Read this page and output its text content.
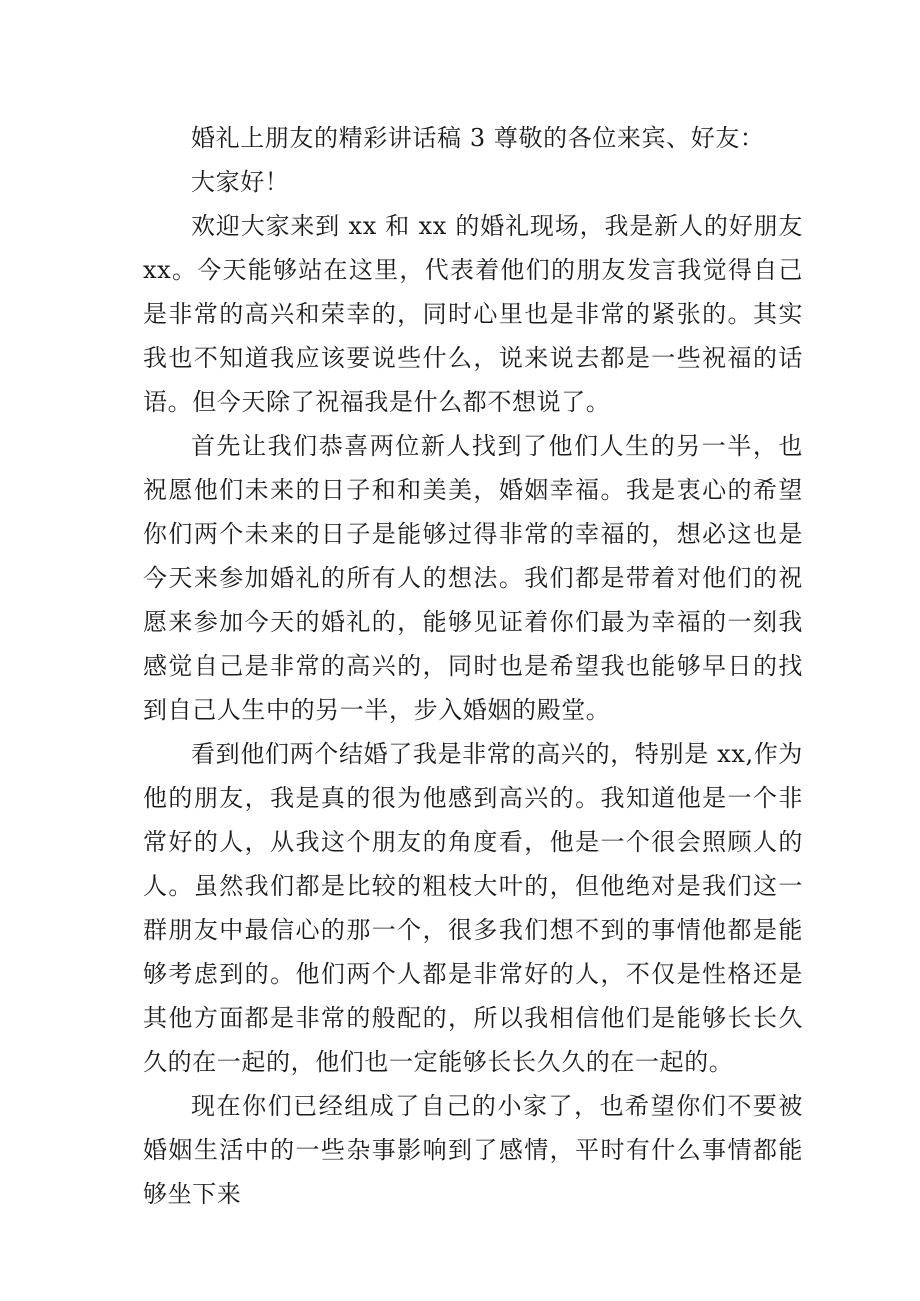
婚礼上朋友的精彩讲话稿 3 尊敬的各位来宾、好友：

大家好！

欢迎大家来到 xx 和 xx 的婚礼现场，我是新人的好朋友 xx。今天能够站在这里，代表着他们的朋友发言我觉得自己是非常的高兴和荣幸的，同时心里也是非常的紧张的。其实我也不知道我应该要说些什么，说来说去都是一些祝福的话语。但今天除了祝福我是什么都不想说了。

首先让我们恭喜两位新人找到了他们人生的另一半，也祝愿他们未来的日子和和美美，婚姻幸福。我是衷心的希望你们两个未来的日子是能够过得非常的幸福的，想必这也是今天来参加婚礼的所有人的想法。我们都是带着对他们的祝愿来参加今天的婚礼的，能够见证着你们最为幸福的一刻我感觉自己是非常的高兴的，同时也是希望我也能够早日的找到自己人生中的另一半，步入婚姻的殿堂。

看到他们两个结婚了我是非常的高兴的，特别是 xx,作为他的朋友，我是真的很为他感到高兴的。我知道他是一个非常好的人，从我这个朋友的角度看，他是一个很会照顾人的人。虽然我们都是比较的粗枝大叶的，但他绝对是我们这一群朋友中最信心的那一个，很多我们想不到的事情他都是能够考虑到的。他们两个人都是非常好的人，不仅是性格还是其他方面都是非常的般配的，所以我相信他们是能够长长久久的在一起的，他们也一定能够长长久久的在一起的。

现在你们已经组成了自己的小家了，也希望你们不要被婚姻生活中的一些杂事影响到了感情，平时有什么事情都能够坐下来
